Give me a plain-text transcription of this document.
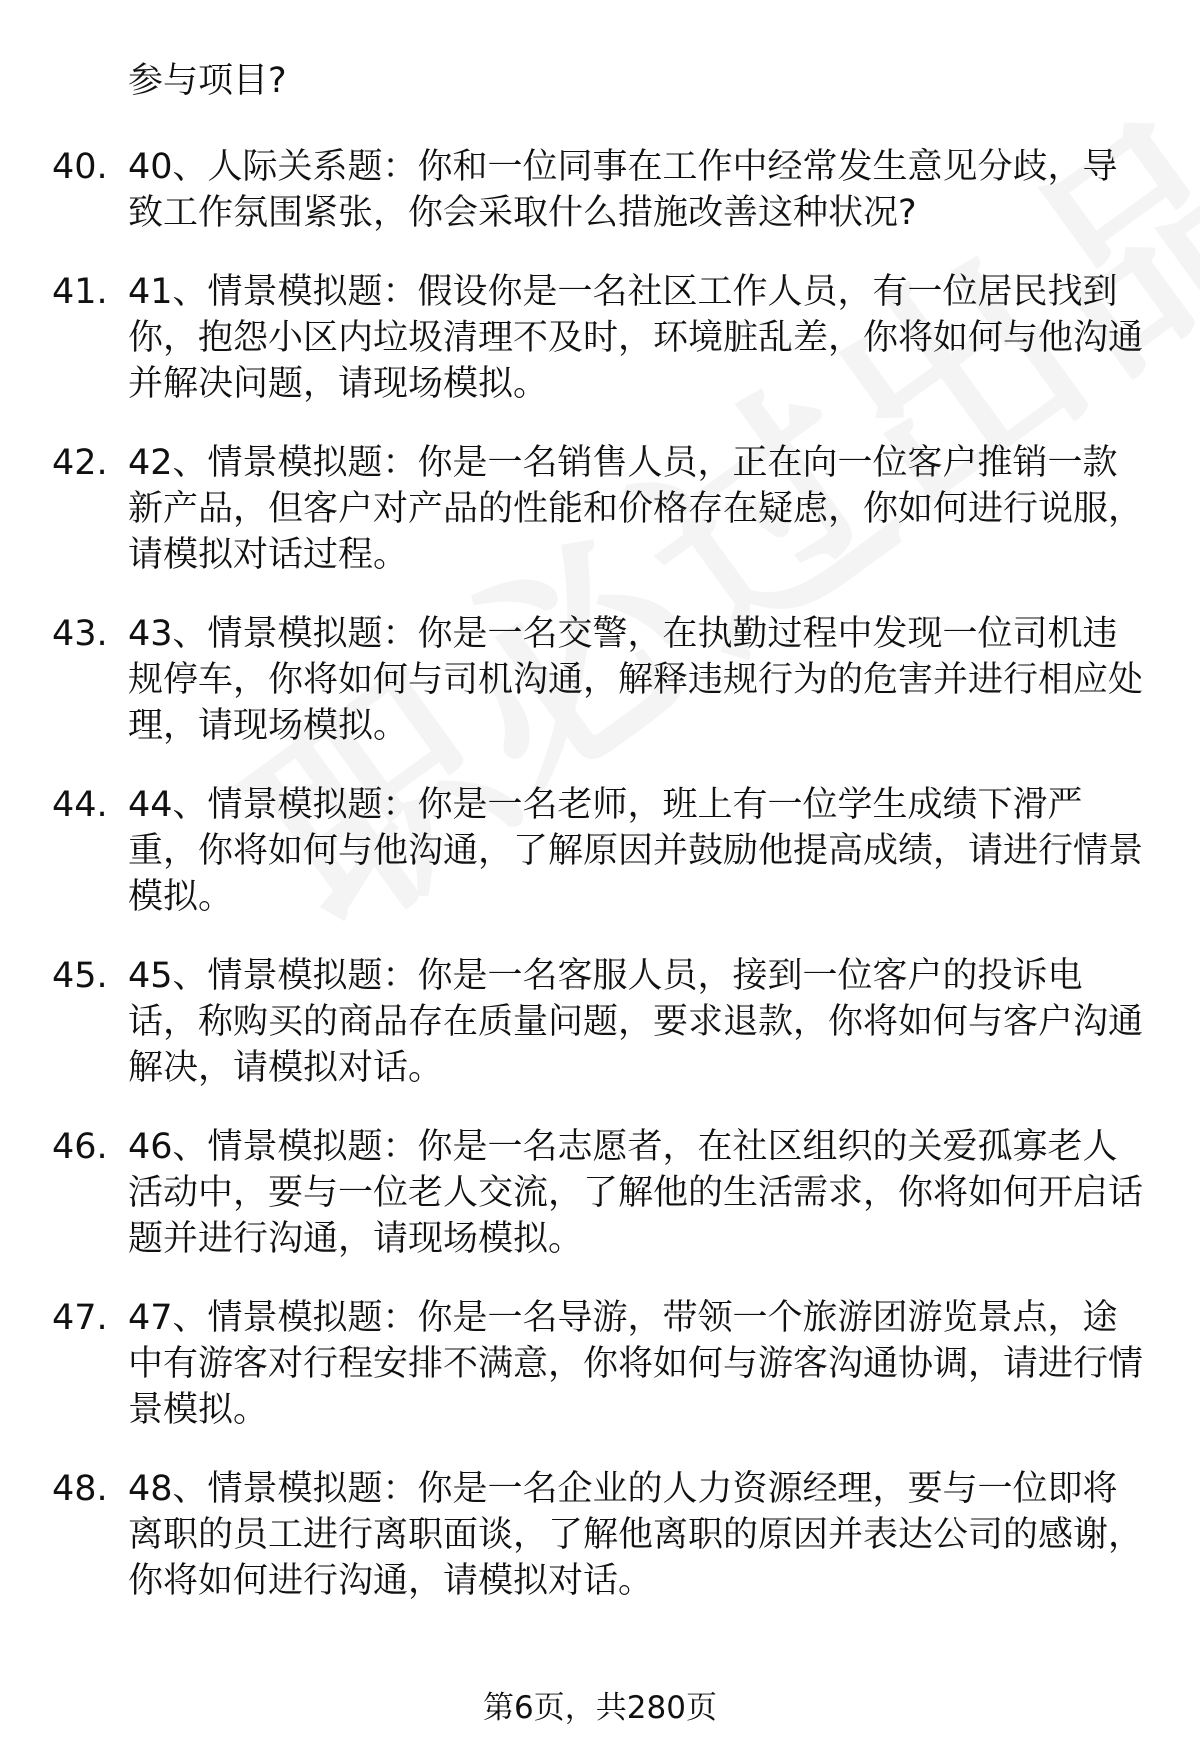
参与项目?
40. 40、人际关系题：你和一位同事在工作中经常发生意见分歧，导致工作氛围紧张，你会采取什么措施改善这种状况?
41. 41、情景模拟题：假设你是一名社区工作人员，有一位居民找到你，抱怨小区内垃圾清理不及时，环境脏乱差，你将如何与他沟通并解决问题，请现场模拟。
42. 42、情景模拟题：你是一名销售人员，正在向一位客户推销一款新产品，但客户对产品的性能和价格存在疑虑，你如何进行说服，请模拟对话过程。
43. 43、情景模拟题：你是一名交警，在执勤过程中发现一位司机违规停车，你将如何与司机沟通，解释违规行为的危害并进行相应处理，请现场模拟。
44. 44、情景模拟题：你是一名老师，班上有一位学生成绩下滑严重，你将如何与他沟通，了解原因并鼓励他提高成绩，请进行情景模拟。
45. 45、情景模拟题：你是一名客服人员，接到一位客户的投诉电话，称购买的商品存在质量问题，要求退款，你将如何与客户沟通解决，请模拟对话。
46. 46、情景模拟题：你是一名志愿者，在社区组织的关爱孤寡老人活动中，要与一位老人交流，了解他的生活需求，你将如何开启话题并进行沟通，请现场模拟。
47. 47、情景模拟题：你是一名导游，带领一个旅游团游览景点，途中有游客对行程安排不满意，你将如何与游客沟通协调，请进行情景模拟。
48. 48、情景模拟题：你是一名企业的人力资源经理，要与一位即将离职的员工进行离职面谈，了解他离职的原因并表达公司的感谢，你将如何进行沟通，请模拟对话。
第6页，共280页
